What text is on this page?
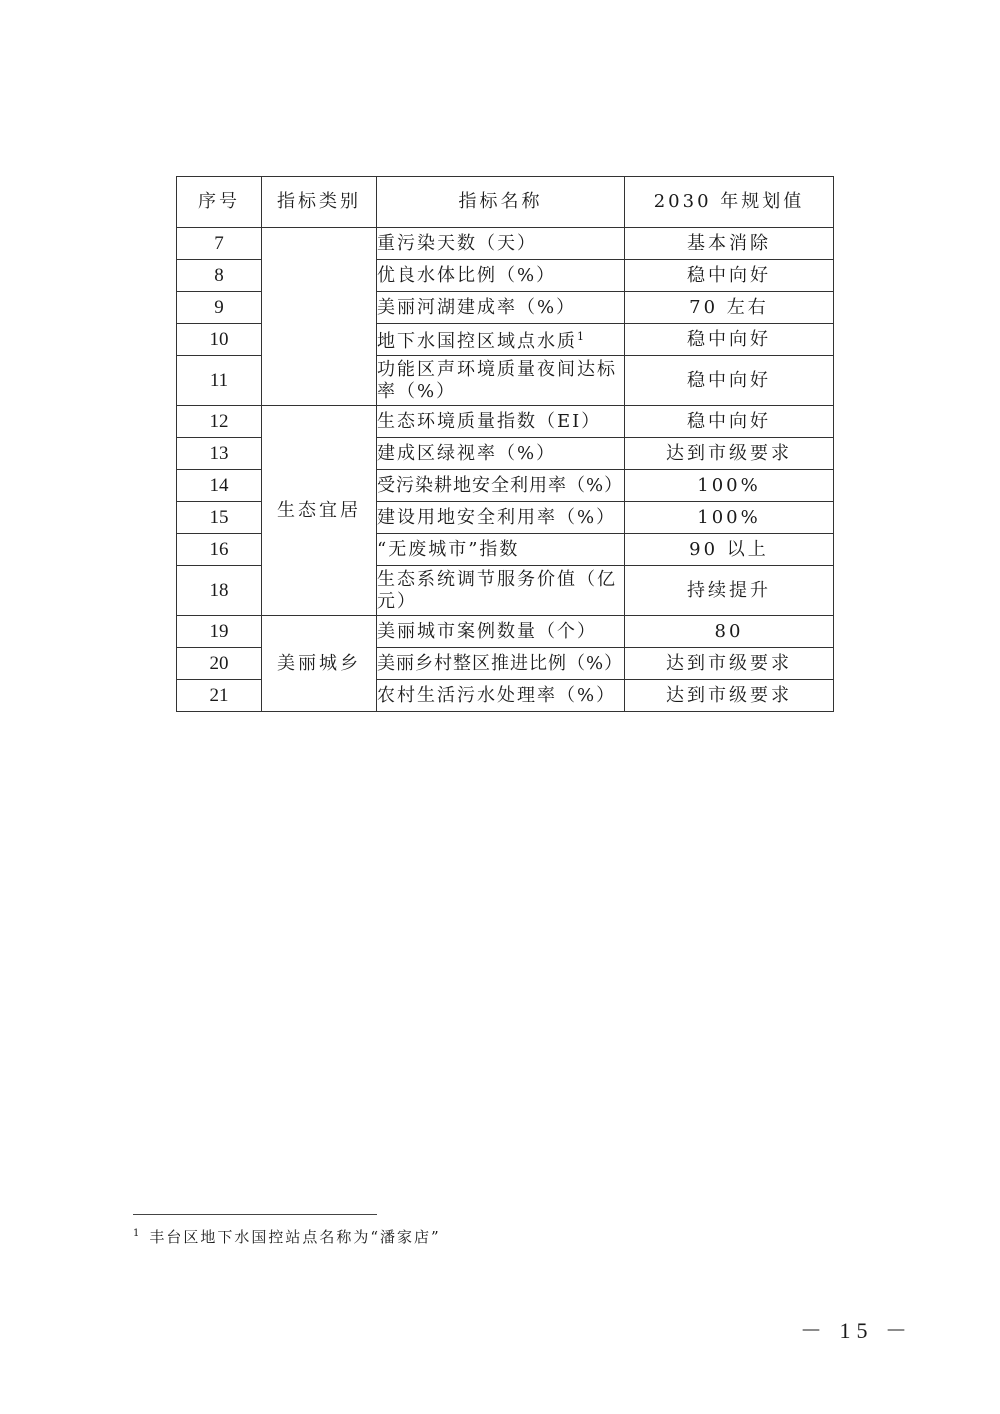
序号	指标类别	指标名称	2030 年规划值
7		重污染天数（天）	基本消除
8		优良水体比例（%）	稳中向好
9		美丽河湖建成率（%）	70 左右
10		地下水国控区域点水质$^1$	稳中向好
11		功能区声环境质量夜间达标率（%）	稳中向好
12	生态宜居	生态环境质量指数（EI）	稳中向好
13		建成区绿视率（%）	达到市级要求
14		受污染耕地安全利用率（%）	100%
15		建设用地安全利用率（%）	100%
16		“无废城市”指数	90 以上
18		生态系统调节服务价值（亿元）	持续提升
19	美丽城乡	美丽城市案例数量（个）	80
20		美丽乡村整区推进比例（%）	达到市级要求
21		农村生活污水处理率（%）	达到市级要求
$^1$ 丰台区地下水国控站点名称为“潘家店”
－ 15 －
